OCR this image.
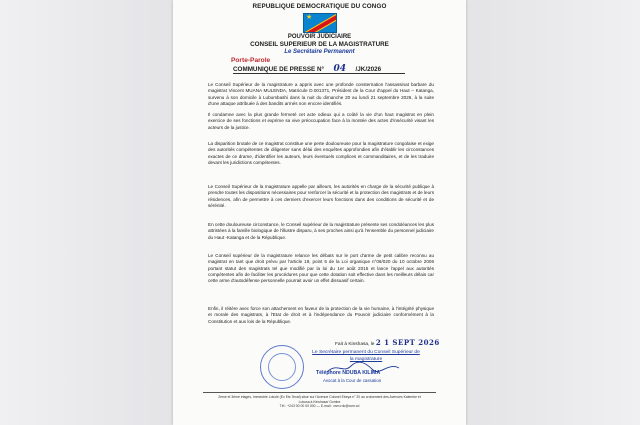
REPUBLIQUE DEMOCRATIQUE DU CONGO
★
POUVOIR JUDICIAIRE
CONSEIL SUPERIEUR DE LA MAGISTRATURE
Le Secrétaire Permanent
Porte-Parole
COMMUNIQUE DE PRESSE N° 04 /JK/2026

Le Conseil Supérieur de la magistrature a appris avec une profonde consternation l'assassinat barbare du magistrat Vincent MUANA MULENDA, Matricule D.001371, Président de la Cour d'appel du Haut – Katanga, survenu à son domicile à Lubumbashi dans la nuit du dimanche 20 au lundi 21 septembre 2026, à la suite d'une attaque attribuée à des bandits armés non encore identifiés.

Il condamne avec la plus grande fermeté cet acte odieux qui a coûté la vie d'un haut magistrat en plein exercice de ses fonctions et exprime sa vive préoccupation face à la montée des actes d'insécurité visant les acteurs de la justice.

La disparition brutale de ce magistrat constitue une perte douloureuse pour la magistrature congolaise et exige des autorités compétentes de diligenter sans délai des enquêtes approfondies afin d'établir les circonstances exactes de ce drame, d'identifier les auteurs, leurs éventuels complices et commanditaires, et de les traduire devant les juridictions compétentes.

Le Conseil Supérieur de la magistrature appelle par ailleurs, les autorités en charge de la sécurité publique à prendre toutes les dispositions nécessaires pour renforcer la sécurité et la protection des magistrats et de leurs résidences, afin de permettre à ces derniers d'exercer leurs fonctions dans des conditions de sécurité et de sérénité.

En cette douloureuse circonstance, le Conseil supérieur de la magistrature présente ses condoléances les plus attristées à la famille biologique de l'illustre disparu, à ses proches ainsi qu'à l'ensemble du personnel judiciaire du Haut -Katanga et de la République.

Le Conseil supérieur de la magistrature relance les débats sur le port d'arme de petit calibre reconnu au magistrat en tant que droit prévu par l'article 19, point 5 de la Loi organique n°06/020 du 10 octobre 2006 portant statut des magistrats tel que modifié par la loi du 1er août 2015 et lance l'appel aux autorités compétentes afin de faciliter les procédures pour que cette dotation soit effective dans les meilleurs délais car cette arme d'autodéfense personnelle pourrait avoir un effet dissuasif certain.

Enfin, il réitère avec force son attachement en faveur de la protection de la vie humaine, à l'intégrité physique et morale des magistrats, à l'Etat de droit et à l'indépendance du Pouvoir judiciaire conformément à la Constitution et aux lois de la République.

Fait à Kinshasa, le 2 1 SEPT 2026
Le Secrétaire permanent du Conseil Supérieur de
la magistrature
Téléphore NDUBA KILIMA
Avocat à la Cour de cassation
2ème et 3ème étages, Immeuble Lokole (Ex Ets Texaf) situé sur l'Avenue Colonel Ebeya n° 20 au croisement des Avenues Kalembe et Lukusa à Kinshasa/ Gombe
Tél : +243 00 00 00 000 — E-mail : csm.rdc@csm.cd
